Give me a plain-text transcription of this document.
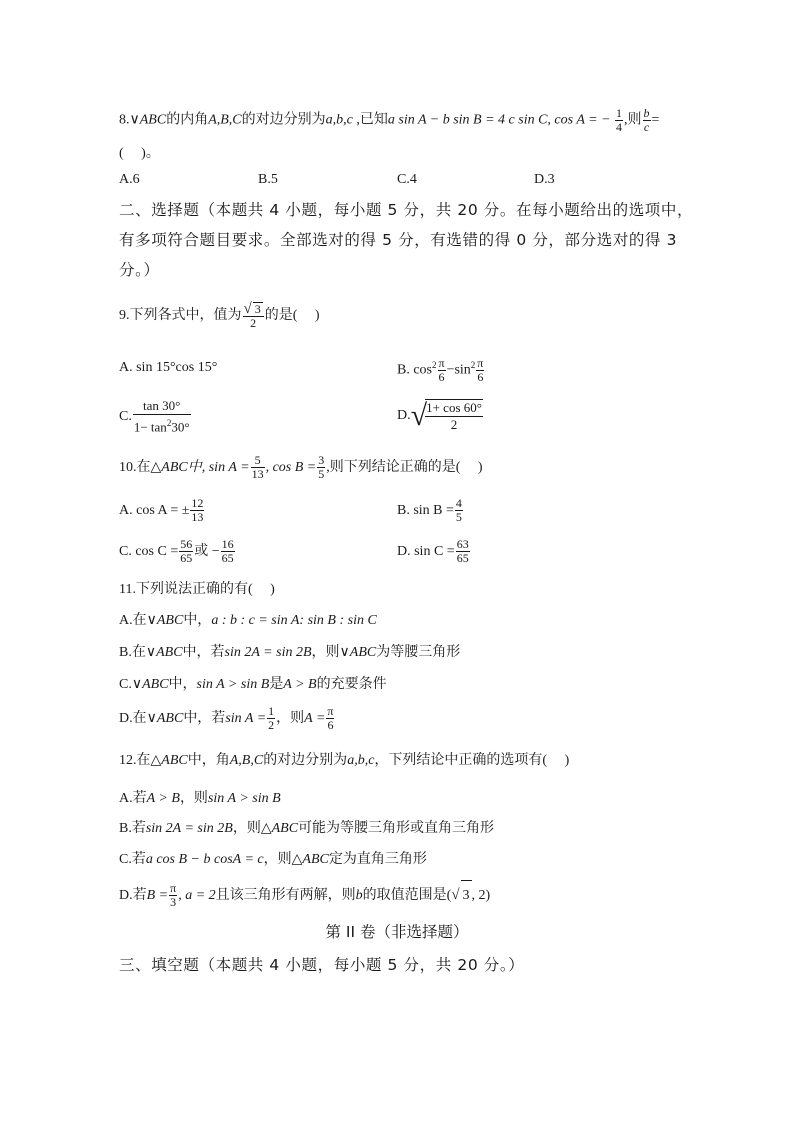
8.∨ABC的内角A,B,C的对边分别为a,b,c ,已知a sin A − b sin B = 4 c sin C, cos A = − $\frac{1}{4}$ ,则 $\frac{b}{c}$ =
(　 )。
A.6	B.5	C.4	D.3
二、选择题（本题共 4 小题，每小题 5 分，共 20 分。在每小题给出的选项中，
有多项符合题目要求。全部选对的得 5 分，有选错的得 0 分，部分选对的得 3
分。）
9.下列各式中，值为 $\frac{√ 3}{2}$ 的是(　 )
A. sin 15°cos 15°	B. $\cos^2 \frac{\pi}{6} -\sin^2 \frac{\pi}{6}$
C. $\frac{\tan 30^\circ}{1- \tan^230^\circ}$	D.√
$\frac{1+ \cos 60^\circ}{2}$
10.在△ABC中, $\sin A = \frac{5}{13}$ , $\cos B = \frac{3}{5}$ ,则下列结论正确的是(　 )
A. cos A = ± $\frac{12}{13}$	B. $\sin B = \frac{4}{5}$
C. $\cos C = \frac{56}{65}$ 或 − $\frac{16}{65}$	D. $\sin C = \frac{63}{65}$
11.下列说法正确的有(　 )
A.在∨ABC中，a : b : c = sin A: sin B : sin C
B.在∨ABC中，若sin 2A = sin 2B，则∨ABC为等腰三角形
C.∨ABC中，sin A > sin B是A > B的充要条件
D.在∨ABC中，若$\sin A = \frac{1}{2}$ ，则$A = \frac{\pi}{6}$
12.在△ABC中，角A,B,C的对边分别为a,b,c，下列结论中正确的选项有(　 )
A.若A > B，则sin A > sin B
B.若sin 2A = sin 2B，则△ABC可能为等腰三角形或直角三角形
C.若a cos B − b cosA = c，则△ABC定为直角三角形
D.若$B = \frac{\pi}{3}$ , a = 2且该三角形有两解，则b的取值范围是(√ 3 , 2)
第 II 卷（非选择题）
三、填空题（本题共 4 小题，每小题 5 分，共 20 分。）
